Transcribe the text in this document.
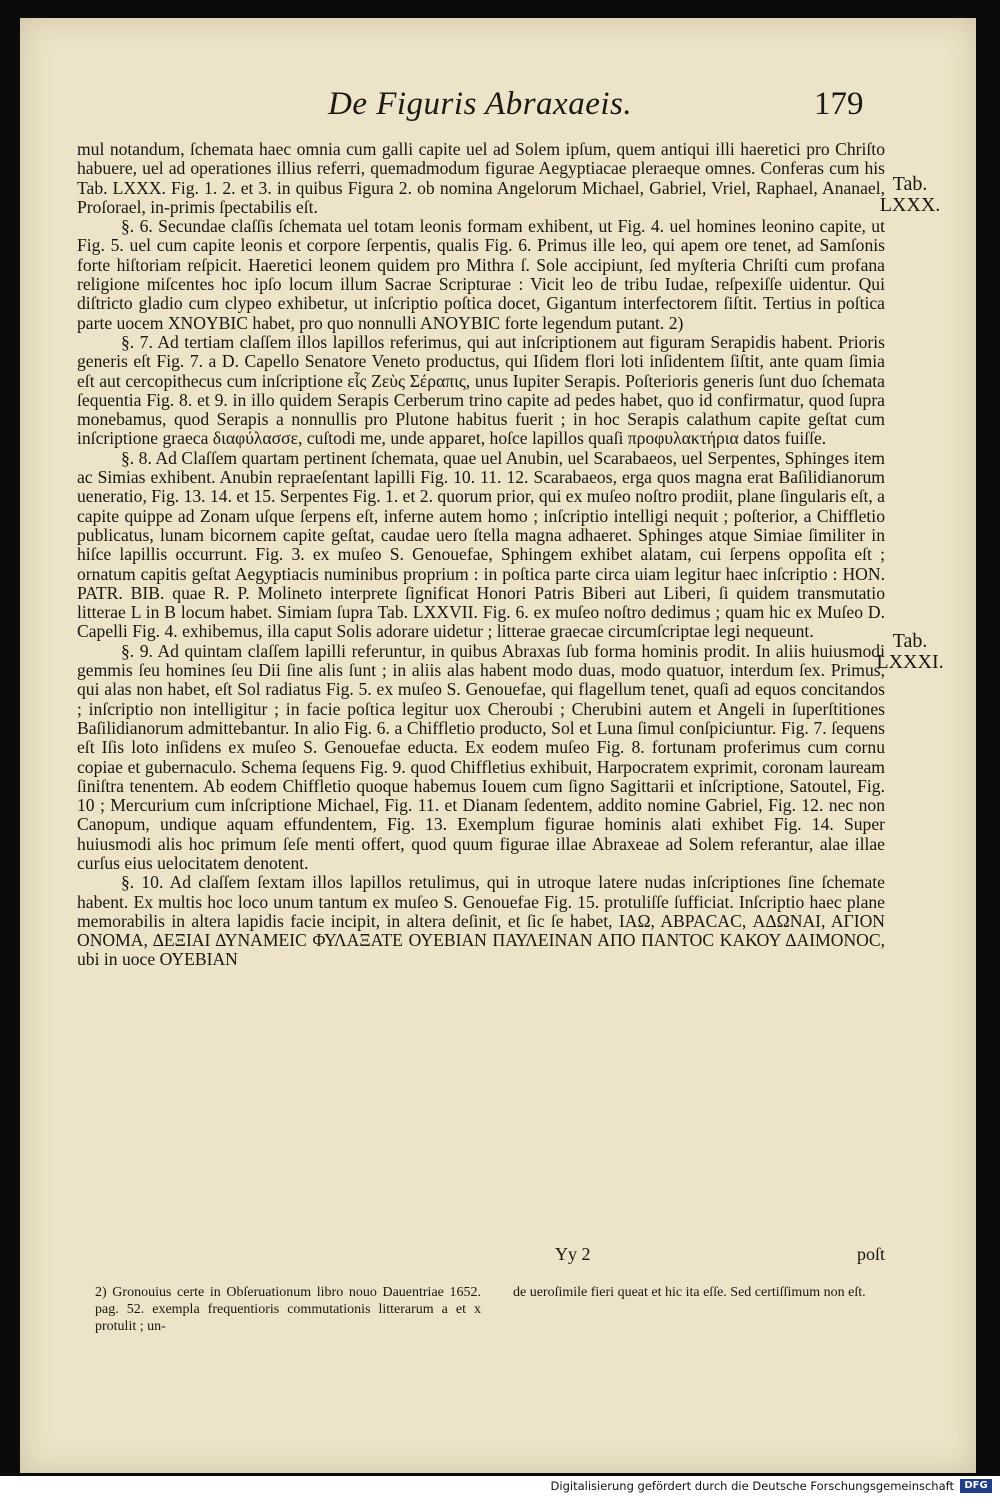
De Figuris Abraxaeis.	179

mul notandum, ſchemata haec omnia cum galli capite uel ad Solem ipſum, quem antiqui illi haeretici pro Chriſto habuere, uel ad operationes illius referri, quemadmodum figurae Aegyptiacae pleraeque omnes. Conferas cum his Tab. LXXX. Fig. 1. 2. et 3. in quibus Figura 2. ob nomina Angelorum Michael, Gabriel, Vriel, Raphael, Ananael, Proſorael, in-primis ſpectabilis eſt.

§. 6. Secundae claſſis ſchemata uel totam leonis formam exhibent, ut Fig. 4. uel homines leonino capite, ut Fig. 5. uel cum capite leonis et corpore ſerpentis, qualis Fig. 6. Primus ille leo, qui apem ore tenet, ad Samſonis forte hiſtoriam reſpicit. Haeretici leonem quidem pro Mithra ſ. Sole accipiunt, ſed myſteria Chriſti cum profana religione miſcentes hoc ipſo locum illum Sacrae Scripturae : Vicit leo de tribu Iudae, reſpexiſſe uidentur. Qui diſtricto gladio cum clypeo exhibetur, ut inſcriptio poſtica docet, Gigantum interfectorem ſiſtit. Tertius in poſtica parte uocem XNOYBIC habet, pro quo nonnulli ANOYBIC forte legendum putant. 2)

§. 7. Ad tertiam claſſem illos lapillos referimus, qui aut inſcriptionem aut figuram Serapidis habent. Prioris generis eſt Fig. 7. a D. Capello Senatore Veneto productus, qui Iſidem flori loti inſidentem ſiſtit, ante quam ſimia eſt aut cercopithecus cum inſcriptione εἷς Ζεὺς Σέραπις, unus Iupiter Serapis. Poſterioris generis ſunt duo ſchemata ſequentia Fig. 8. et 9. in illo quidem Serapis Cerberum trino capite ad pedes habet, quo id confirmatur, quod ſupra monebamus, quod Serapis a nonnullis pro Plutone habitus fuerit ; in hoc Serapis calathum capite geſtat cum inſcriptione graeca διαφύλασσε, cuſtodi me, unde apparet, hoſce lapillos quaſi προφυλακτήρια datos fuiſſe.

§. 8. Ad Claſſem quartam pertinent ſchemata, quae uel Anubin, uel Scarabaeos, uel Serpentes, Sphinges item ac Simias exhibent. Anubin repraeſentant lapilli Fig. 10. 11. 12. Scarabaeos, erga quos magna erat Baſilidianorum ueneratio, Fig. 13. 14. et 15. Serpentes Fig. 1. et 2. quorum prior, qui ex muſeo noſtro prodiit, plane ſingularis eſt, a capite quippe ad Zonam uſque ſerpens eſt, inferne autem homo ; inſcriptio intelligi nequit ; poſterior, a Chiffletio publicatus, lunam bicornem capite geſtat, caudae uero ſtella magna adhaeret. Sphinges atque Simiae ſimiliter in hiſce lapillis occurrunt. Fig. 3. ex muſeo S. Genouefae, Sphingem exhibet alatam, cui ſerpens oppoſita eſt ; ornatum capitis geſtat Aegyptiacis numinibus proprium : in poſtica parte circa uiam legitur haec inſcriptio : HON. PATR. BIB. quae R. P. Molineto interprete ſignificat Honori Patris Biberi aut Liberi, ſi quidem transmutatio litterae L in B locum habet. Simiam ſupra Tab. LXXVII. Fig. 6. ex muſeo noſtro dedimus ; quam hic ex Muſeo D. Capelli Fig. 4. exhibemus, illa caput Solis adorare uidetur ; litterae graecae circumſcriptae legi nequeunt.

§. 9. Ad quintam claſſem lapilli referuntur, in quibus Abraxas ſub forma hominis prodit. In aliis huiusmodi gemmis ſeu homines ſeu Dii ſine alis ſunt ; in aliis alas habent modo duas, modo quatuor, interdum ſex. Primus, qui alas non habet, eſt Sol radiatus Fig. 5. ex muſeo S. Genouefae, qui flagellum tenet, quaſi ad equos concitandos ; inſcriptio non intelligitur ; in facie poſtica legitur uox Cheroubi ; Cherubini autem et Angeli in ſuperſtitiones Baſilidianorum admittebantur. In alio Fig. 6. a Chiffletio producto, Sol et Luna ſimul conſpiciuntur. Fig. 7. ſequens eſt Iſis loto inſidens ex muſeo S. Genouefae educta. Ex eodem muſeo Fig. 8. fortunam proferimus cum cornu copiae et gubernaculo. Schema ſequens Fig. 9. quod Chiffletius exhibuit, Harpocratem exprimit, coronam lauream ſiniſtra tenentem. Ab eodem Chiffletio quoque habemus Iouem cum ſigno Sagittarii et inſcriptione, Satoutel, Fig. 10 ; Mercurium cum inſcriptione Michael, Fig. 11. et Dianam ſedentem, addito nomine Gabriel, Fig. 12. nec non Canopum, undique aquam effundentem, Fig. 13. Exemplum figurae hominis alati exhibet Fig. 14. Super huiusmodi alis hoc primum ſeſe menti offert, quod quum figurae illae Abraxeae ad Solem referantur, alae illae curſus eius uelocitatem denotent.

§. 10. Ad claſſem ſextam illos lapillos retulimus, qui in utroque latere nudas inſcriptiones ſine ſchemate habent. Ex multis hoc loco unum tantum ex muſeo S. Genouefae Fig. 15. protuliſſe ſufficiat. Inſcriptio haec plane memorabilis in altera lapidis facie incipit, in altera deſinit, et ſic ſe habet, ΙΑΩ, ΑΒΡΑCΑC, ΑΔΩΝΑΙ, ΑΓΙΟΝ ΟΝΟΜΑ, ΔΕΞΙΑΙ ΔΥΝΑΜΕΙC ΦΥΛΑΞΑΤΕ ΟΥΕΒΙΑΝ ΠΑΥΛΕΙΝΑΝ ΑΠΟ ΠΑΝΤΟC ΚΑΚΟΥ ΔΑΙΜΟΝΟC, ubi in uoce ΟΥΕΒΙΑΝ

Tab.
LXXX.
Tab.
LXXXI.
Yy 2	poſt
2) Gronouius certe in Obſeruationum libro nouo Dauentriae 1652. pag. 52. exempla frequentioris commutationis litterarum a et x protulit ; un-
de ueroſimile fieri queat et hic ita eſſe. Sed certiſſimum non eſt.
Digitalisierung gefördert durch die Deutsche Forschungsgemeinschaft	DFG
